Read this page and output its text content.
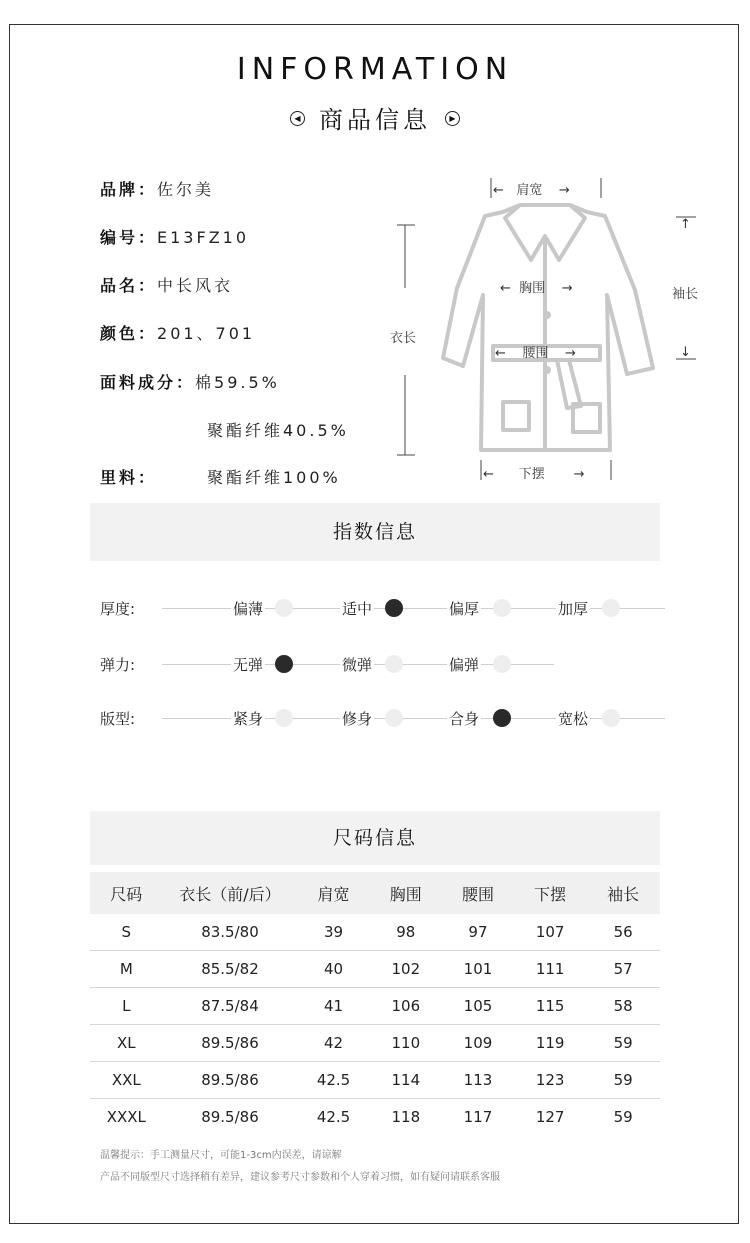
INFORMATION
◀ 商品信息 ▶
品牌：佐尔美
编号：E13FZ10
品名：中长风衣
颜色：201、701
面料成分：棉59.5%
聚酯纤维40.5%
里料：	聚酯纤维100%
← 肩宽 →
← 胸围 →
← 腰围 →
← 下摆 →
衣长
↑
袖长
↓
指数信息
厚度:	偏薄	适中	偏厚	加厚
弹力:	无弹	微弹	偏弹
版型:	紧身	修身	合身	宽松
尺码信息
尺码	衣长（前/后）	肩宽	胸围	腰围	下摆	袖长
S	83.5/80	39	98	97	107	56
M	85.5/82	40	102	101	111	57
L	87.5/84	41	106	105	115	58
XL	89.5/86	42	110	109	119	59
XXL	89.5/86	42.5	114	113	123	59
XXXL	89.5/86	42.5	118	117	127	59
温馨提示：手工测量尺寸，可能1-3cm内误差，请谅解
产品不同版型尺寸选择稍有差异，建议参考尺寸参数和个人穿着习惯，如有疑问请联系客服
